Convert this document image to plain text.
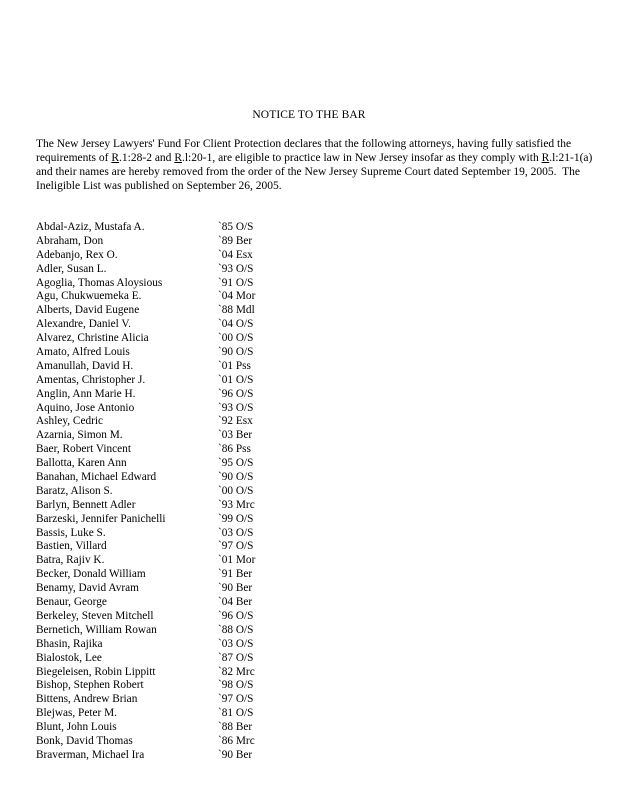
NOTICE TO THE BAR

The New Jersey Lawyers' Fund For Client Protection declares that the following attorneys, having fully satisfied the requirements of R.1:28-2 and R.l:20-1, are eligible to practice law in New Jersey insofar as they comply with R.l:21-1(a) and their names are hereby removed from the order of the New Jersey Supreme Court dated September 19, 2005.  The Ineligible List was published on September 26, 2005.

Abdal-Aziz, Mustafa A.	`85 O/S
Abraham, Don	`89 Ber
Adebanjo, Rex O.	`04 Esx
Adler, Susan L.	`93 O/S
Agoglia, Thomas Aloysious	`91 O/S
Agu, Chukwuemeka E.	`04 Mor
Alberts, David Eugene	`88 Mdl
Alexandre, Daniel V.	`04 O/S
Alvarez, Christine Alicia	`00 O/S
Amato, Alfred Louis	`90 O/S
Amanullah, David H.	`01 Pss
Amentas, Christopher J.	`01 O/S
Anglin, Ann Marie H.	`96 O/S
Aquino, Jose Antonio	`93 O/S
Ashley, Cedric	`92 Esx
Azarnia, Simon M.	`03 Ber
Baer, Robert Vincent	`86 Pss
Ballotta, Karen Ann	`95 O/S
Banahan, Michael Edward	`90 O/S
Baratz, Alison S.	`00 O/S
Barlyn, Bennett Adler	`93 Mrc
Barzeski, Jennifer Panichelli	`99 O/S
Bassis, Luke S.	`03 O/S
Bastien, Villard	`97 O/S
Batra, Rajiv K.	`01 Mor
Becker, Donald William	`91 Ber
Benamy, David Avram	`90 Ber
Benaur, George	`04 Ber
Berkeley, Steven Mitchell	`96 O/S
Bernetich, William Rowan	`88 O/S
Bhasin, Rajika	`03 O/S
Bialostok, Lee	`87 O/S
Biegeleisen, Robin Lippitt	`82 Mrc
Bishop, Stephen Robert	`98 O/S
Bittens, Andrew Brian	`97 O/S
Blejwas, Peter M.	`81 O/S
Blunt, John Louis	`88 Ber
Bonk, David Thomas	`86 Mrc
Braverman, Michael Ira	`90 Ber
